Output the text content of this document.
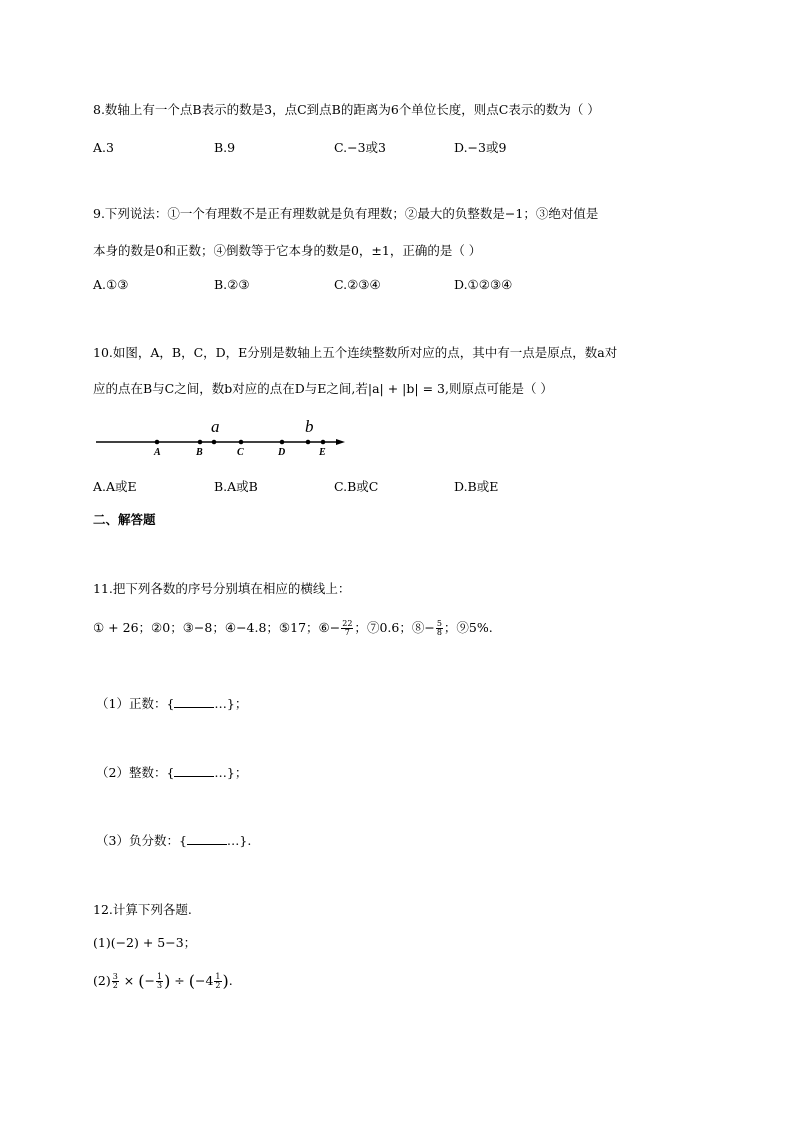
8.数轴上有一个点B表示的数是3，点C到点B的距离为6个单位长度，则点C表示的数为（ ）
A.3	B.9	C.−3或3	D.−3或9
9.下列说法：①一个有理数不是正有理数就是负有理数；②最大的负整数是−1；③绝对值是
本身的数是0和正数；④倒数等于它本身的数是0，±1，正确的是（ ）
A.①③	B.②③	C.②③④	D.①②③④
10.如图，A，B，C，D，E分别是数轴上五个连续整数所对应的点，其中有一点是原点，数a对
应的点在B与C之间，数b对应的点在D与E之间,若|a| + |b| = 3,则原点可能是（ ）
A	B	C	D	E
a	b
A.A或E	B.A或B	C.B或C	D.B或E
二、解答题
11.把下列各数的序号分别填在相应的横线上：
① + 26；②0；③−8；④−4.8；⑤17；⑥− $\frac{22}{7}$ ；⑦0.6；⑧− $\frac{5}{8}$ ；⑨5%.
（1）正数：{	…}；
（2）整数：{	…}；
（3）负分数：{	…}.
12.计算下列各题.
(1)(−2) + 5−3；
$(2) \frac{3}{2}$ × (− $\frac{1}{3}$ ) ÷ ($-4 \frac{1}{2}$ ).
